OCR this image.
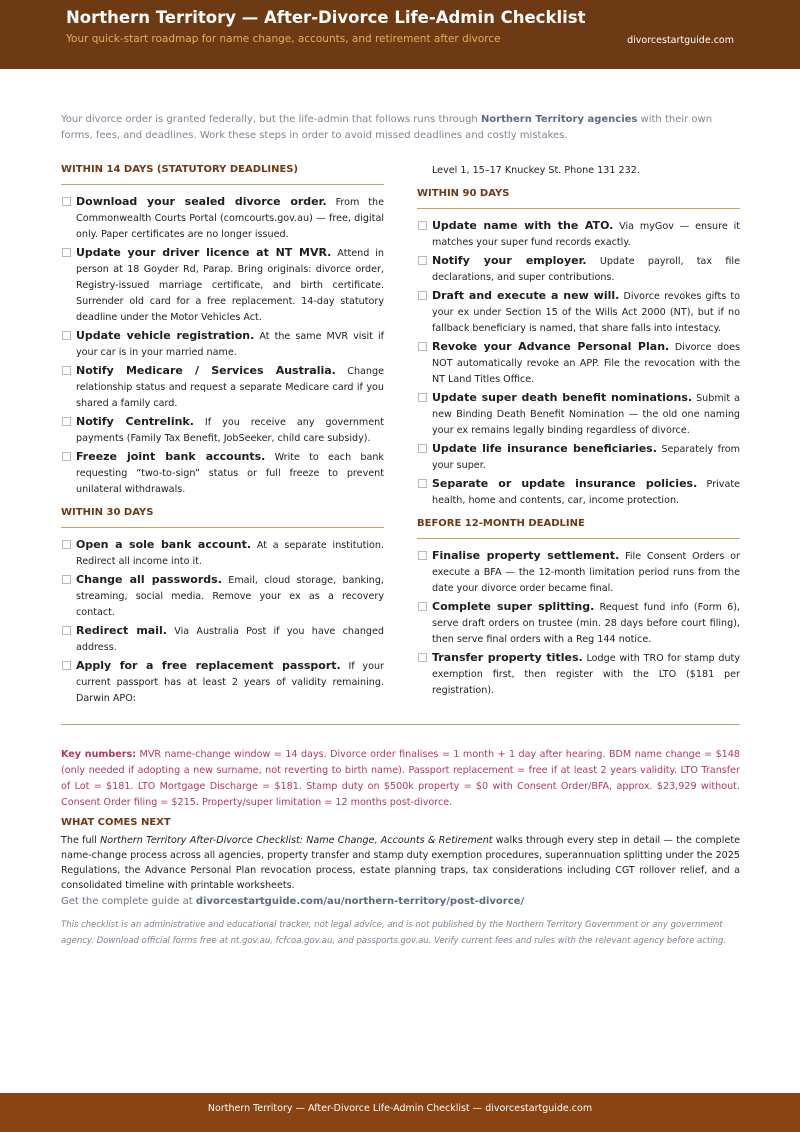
Northern Territory — After-Divorce Life-Admin Checklist
Your quick-start roadmap for name change, accounts, and retirement after divorce	divorcestartguide.com

Your divorce order is granted federally, but the life-admin that follows runs through Northern Territory agencies with their own forms, fees, and deadlines. Work these steps in order to avoid missed deadlines and costly mistakes.

WITHIN 14 DAYS (STATUTORY DEADLINES)
Download your sealed divorce order. From the Commonwealth Courts Portal (comcourts.gov.au) — free, digital only. Paper certificates are no longer issued.
Update your driver licence at NT MVR. Attend in person at 18 Goyder Rd, Parap. Bring originals: divorce order, Registry-issued marriage certificate, and birth certificate. Surrender old card for a free replacement. 14-day statutory deadline under the Motor Vehicles Act.
Update vehicle registration. At the same MVR visit if your car is in your married name.
Notify Medicare / Services Australia. Change relationship status and request a separate Medicare card if you shared a family card.
Notify Centrelink. If you receive any government payments (Family Tax Benefit, JobSeeker, child care subsidy).
Freeze joint bank accounts. Write to each bank requesting “two-to-sign” status or full freeze to prevent unilateral withdrawals.
WITHIN 30 DAYS
Open a sole bank account. At a separate institution. Redirect all income into it.
Change all passwords. Email, cloud storage, banking, streaming, social media. Remove your ex as a recovery contact.
Redirect mail. Via Australia Post if you have changed address.
Apply for a free replacement passport. If your current passport has at least 2 years of validity remaining. Darwin APO:
Level 1, 15–17 Knuckey St. Phone 131 232.
WITHIN 90 DAYS
Update name with the ATO. Via myGov — ensure it matches your super fund records exactly.
Notify your employer. Update payroll, tax file declarations, and super contributions.
Draft and execute a new will. Divorce revokes gifts to your ex under Section 15 of the Wills Act 2000 (NT), but if no fallback beneficiary is named, that share falls into intestacy.
Revoke your Advance Personal Plan. Divorce does NOT automatically revoke an APP. File the revocation with the NT Land Titles Office.
Update super death benefit nominations. Submit a new Binding Death Benefit Nomination — the old one naming your ex remains legally binding regardless of divorce.
Update life insurance beneficiaries. Separately from your super.
Separate or update insurance policies. Private health, home and contents, car, income protection.
BEFORE 12-MONTH DEADLINE
Finalise property settlement. File Consent Orders or execute a BFA — the 12-month limitation period runs from the date your divorce order became final.
Complete super splitting. Request fund info (Form 6), serve draft orders on trustee (min. 28 days before court filing), then serve final orders with a Reg 144 notice.
Transfer property titles. Lodge with TRO for stamp duty exemption first, then register with the LTO ($181 per registration).

Key numbers: MVR name-change window = 14 days. Divorce order finalises = 1 month + 1 day after hearing. BDM name change = $148 (only needed if adopting a new surname, not reverting to birth name). Passport replacement = free if at least 2 years validity. LTO Transfer of Lot = $181. LTO Mortgage Discharge = $181. Stamp duty on $500k property = $0 with Consent Order/BFA, approx. $23,929 without. Consent Order filing = $215. Property/super limitation = 12 months post-divorce.

WHAT COMES NEXT

The full Northern Territory After-Divorce Checklist: Name Change, Accounts & Retirement walks through every step in detail — the complete name-change process across all agencies, property transfer and stamp duty exemption procedures, superannuation splitting under the 2025 Regulations, the Advance Personal Plan revocation process, estate planning traps, tax considerations including CGT rollover relief, and a consolidated timeline with printable worksheets.

Get the complete guide at divorcestartguide.com/au/northern-territory/post-divorce/

This checklist is an administrative and educational tracker, not legal advice, and is not published by the Northern Territory Government or any government agency. Download official forms free at nt.gov.au, fcfcoa.gov.au, and passports.gov.au. Verify current fees and rules with the relevant agency before acting.

Northern Territory — After-Divorce Life-Admin Checklist — divorcestartguide.com
